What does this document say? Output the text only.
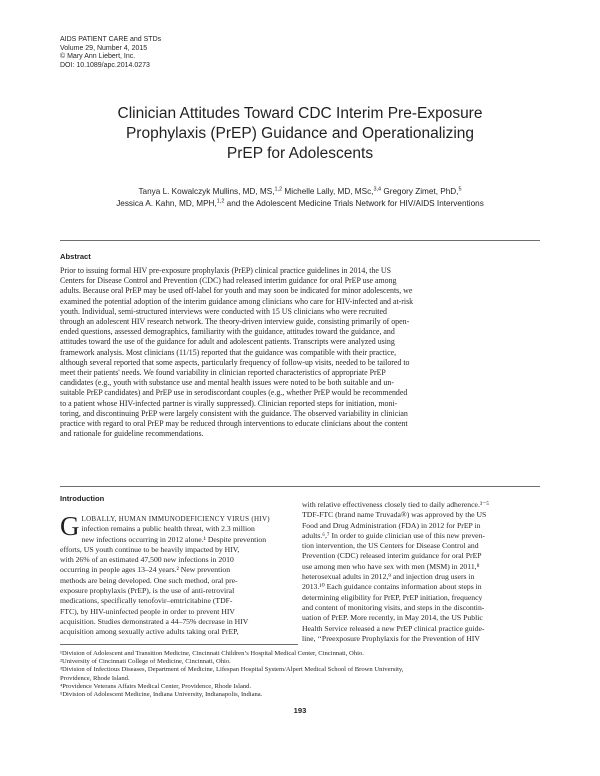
AIDS PATIENT CARE and STDs
Volume 29, Number 4, 2015
© Mary Ann Liebert, Inc.
DOI: 10.1089/apc.2014.0273
Clinician Attitudes Toward CDC Interim Pre-Exposure
Prophylaxis (PrEP) Guidance and Operationalizing
PrEP for Adolescents
Tanya L. Kowalczyk Mullins, MD, MS,$^{1,2}$ Michelle Lally, MD, MSc,$^{3,4}$ Gregory Zimet, PhD,$^5$
Jessica A. Kahn, MD, MPH,$^{1,2}$ and the Adolescent Medicine Trials Network for HIV/AIDS Interventions
Abstract
Prior to issuing formal HIV pre-exposure prophylaxis (PrEP) clinical practice guidelines in 2014, the US
Centers for Disease Control and Prevention (CDC) had released interim guidance for oral PrEP use among
adults. Because oral PrEP may be used off-label for youth and may soon be indicated for minor adolescents, we
examined the potential adoption of the interim guidance among clinicians who care for HIV-infected and at-risk
youth. Individual, semi-structured interviews were conducted with 15 US clinicians who were recruited
through an adolescent HIV research network. The theory-driven interview guide, consisting primarily of open-
ended questions, assessed demographics, familiarity with the guidance, attitudes toward the guidance, and
attitudes toward the use of the guidance for adult and adolescent patients. Transcripts were analyzed using
framework analysis. Most clinicians (11/15) reported that the guidance was compatible with their practice,
although several reported that some aspects, particularly frequency of follow-up visits, needed to be tailored to
meet their patients' needs. We found variability in clinician reported characteristics of appropriate PrEP
candidates (e.g., youth with substance use and mental health issues were noted to be both suitable and un-
suitable PrEP candidates) and PrEP use in serodiscordant couples (e.g., whether PrEP would be recommended
to a patient whose HIV-infected partner is virally suppressed). Clinician reported steps for initiation, moni-
toring, and discontinuing PrEP were largely consistent with the guidance. The observed variability in clinician
practice with regard to oral PrEP may be reduced through interventions to educate clinicians about the content
and rationale for guideline recommendations.
Introduction
GLOBALLY, HUMAN IMMUNODEFICIENCY VIRUS (HIV)
infection remains a public health threat, with 2.3 million
new infections occurring in 2012 alone.¹ Despite prevention
efforts, US youth continue to be heavily impacted by HIV,
with 26% of an estimated 47,500 new infections in 2010
occurring in people ages 13–24 years.² New prevention
methods are being developed. One such method, oral pre-
exposure prophylaxis (PrEP), is the use of anti-retroviral
medications, specifically tenofovir–emtricitabine (TDF-
FTC), by HIV-uninfected people in order to prevent HIV
acquisition. Studies demonstrated a 44–75% decrease in HIV
acquisition among sexually active adults taking oral PrEP,
with relative effectiveness closely tied to daily adherence.³⁻⁵
TDF-FTC (brand name Truvada®) was approved by the US
Food and Drug Administration (FDA) in 2012 for PrEP in
adults.⁶,⁷ In order to guide clinician use of this new preven-
tion intervention, the US Centers for Disease Control and
Prevention (CDC) released interim guidance for oral PrEP
use among men who have sex with men (MSM) in 2011,⁸
heterosexual adults in 2012,⁹ and injection drug users in
2013.¹⁰ Each guidance contains information about steps in
determining eligibility for PrEP, PrEP initiation, frequency
and content of monitoring visits, and steps in the discontin-
uation of PrEP. More recently, in May 2014, the US Public
Health Service released a new PrEP clinical practice guide-
line, ‘‘Preexposure Prophylaxis for the Prevention of HIV
¹Division of Adolescent and Transition Medicine, Cincinnati Children’s Hospital Medical Center, Cincinnati, Ohio.
²University of Cincinnati College of Medicine, Cincinnati, Ohio.
³Division of Infectious Diseases, Department of Medicine, Lifespan Hospital System/Alpert Medical School of Brown University,
Providence, Rhode Island.
⁴Providence Veterans Affairs Medical Center, Providence, Rhode Island.
⁵Division of Adolescent Medicine, Indiana University, Indianapolis, Indiana.
193
